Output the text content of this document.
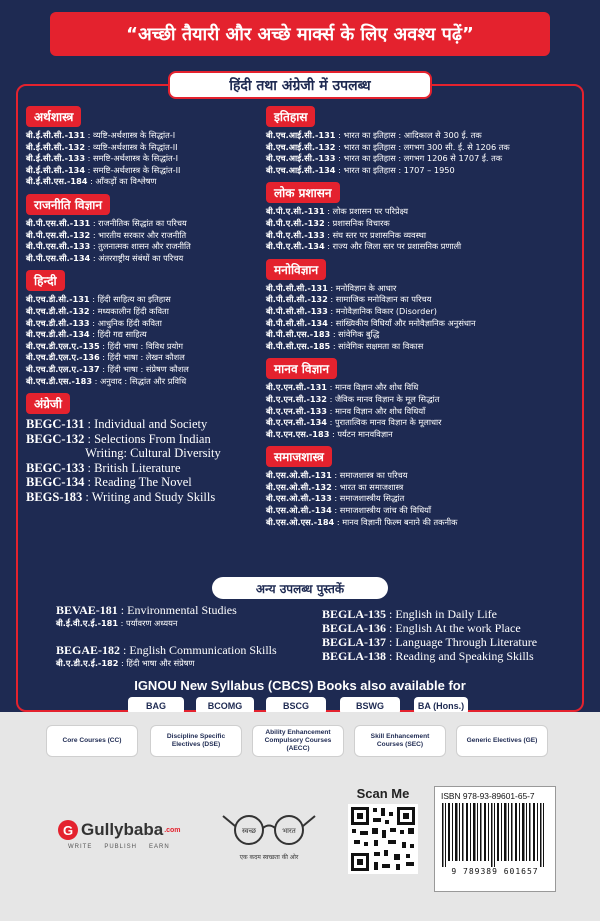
“अच्छी तैयारी और अच्छे मार्क्स के लिए अवश्य पढ़ें”
हिंदी तथा अंग्रेजी में उपलब्ध
अर्थशास्त्र
बी.ई.सी.सी.-131 : व्यष्टि-अर्थशास्त्र के सिद्धांत-I
बी.ई.सी.सी.-132 : व्यष्टि-अर्थशास्त्र के सिद्धांत-II
बी.ई.सी.सी.-133 : समष्टि-अर्थशास्त्र के सिद्धांत-I
बी.ई.सी.सी.-134 : समष्टि-अर्थशास्त्र के सिद्धांत-II
बी.ई.सी.एस.-184 : आँकड़ों का विश्लेषण
राजनीति विज्ञान
बी.पी.एस.सी.-131 : राजनीतिक सिद्धांत का परिचय
बी.पी.एस.सी.-132 : भारतीय सरकार और राजनीति
बी.पी.एस.सी.-133 : तुलनात्मक शासन और राजनीति
बी.पी.एस.सी.-134 : अंतरराष्ट्रीय संबंधों का परिचय
हिन्दी
बी.एच.डी.सी.-131 : हिंदी साहित्य का इतिहास
बी.एच.डी.सी.-132 : मध्यकालीन हिंदी कविता
बी.एच.डी.सी.-133 : आधुनिक हिंदी कविता
बी.एच.डी.सी.-134 : हिंदी गद्य साहित्य
बी.एच.डी.एल.ए.-135 : हिंदी भाषा : विविध प्रयोग
बी.एच.डी.एल.ए.-136 : हिंदी भाषा : लेखन कौशल
बी.एच.डी.एल.ए.-137 : हिंदी भाषा : संप्रेषण कौशल
बी.एच.डी.एस.-183 : अनुवाद : सिद्धांत और प्रविधि
अंग्रेजी
BEGC-131 : Individual and Society
BEGC-132 : Selections From Indian
Writing: Cultural Diversity
BEGC-133 : British Literature
BEGC-134 : Reading The Novel
BEGS-183 : Writing and Study Skills
इतिहास
बी.एच.आई.सी.-131 : भारत का इतिहास : आदिकाल से 300 ई. तक
बी.एच.आई.सी.-132 : भारत का इतिहास : लगभग 300 सी. ई. से 1206 तक
बी.एच.आई.सी.-133 : भारत का इतिहास : लगभग 1206 से 1707 ई. तक
बी.एच.आई.सी.-134 : भारत का इतिहास : 1707 – 1950
लोक प्रशासन
बी.पी.ए.सी.-131 : लोक प्रशासन पर परिप्रेक्ष्य
बी.पी.ए.सी.-132 : प्रशासनिक विचारक
बी.पी.ए.सी.-133 : संघ स्तर पर प्रशासनिक व्यवस्था
बी.पी.ए.सी.-134 : राज्य और जिला स्तर पर प्रशासनिक प्रणाली
मनोविज्ञान
बी.पी.सी.सी.-131 : मनोविज्ञान के आधार
बी.पी.सी.सी.-132 : सामाजिक मनोविज्ञान का परिचय
बी.पी.सी.सी.-133 : मनोवैज्ञानिक विकार (Disorder)
बी.पी.सी.सी.-134 : सांख्यिकीय विधियाँ और मनोवैज्ञानिक अनुसंधान
बी.पी.सी.एस.-183 : सांवेगिक बुद्धि
बी.पी.सी.एस.-185 : सांवेगिक सक्षमता का विकास
मानव विज्ञान
बी.ए.एन.सी.-131 : मानव विज्ञान और शोध विधि
बी.ए.एन.सी.-132 : जैविक मानव विज्ञान के मूल सिद्धांत
बी.ए.एन.सी.-133 : मानव विज्ञान और शोध विधियाँ
बी.ए.एन.सी.-134 : पुरातात्विक मानव विज्ञान के मूलाधार
बी.ए.एन.एस.-183 : पर्यटन मानवविज्ञान
समाजशास्त्र
बी.एस.ओ.सी.-131 : समाजशास्त्र का परिचय
बी.एस.ओ.सी.-132 : भारत का समाजशास्त्र
बी.एस.ओ.सी.-133 : समाजशास्त्रीय सिद्धांत
बी.एस.ओ.सी.-134 : समाजशास्त्रीय जांच की विधियाँ
बी.एस.ओ.एस.-184 : मानव विज्ञानी फिल्म बनाने की तकनीक
अन्य उपलब्ध पुस्तकें
BEVAE-181 : Environmental Studies
बी.ई.वी.ए.ई.-181 : पर्यावरण अध्ययन
BEGAE-182 : English Communication Skills
बी.ए.डी.ए.ई.-182 : हिंदी भाषा और संप्रेषण
BEGLA-135 : English in Daily Life
BEGLA-136 : English At the work Place
BEGLA-137 : Language Through Literature
BEGLA-138 : Reading and Speaking Skills
IGNOU New Syllabus (CBCS) Books also available for
BAG	BCOMG	BSCG	BSWG	BA (Hons.)
Core Courses (CC)
Discipline Specific Electives (DSE)
Ability Enhancement Compulsory Courses (AECC)
Skill Enhancement Courses (SEC)
Generic Electives (GE)
G Gullybaba .com
WRITE PUBLISH EARN
स्वच्छ	भारत
एक कदम स्वच्छता की ओर
Scan Me	ISBN 978-93-89601-65-7
9 789389 601657
